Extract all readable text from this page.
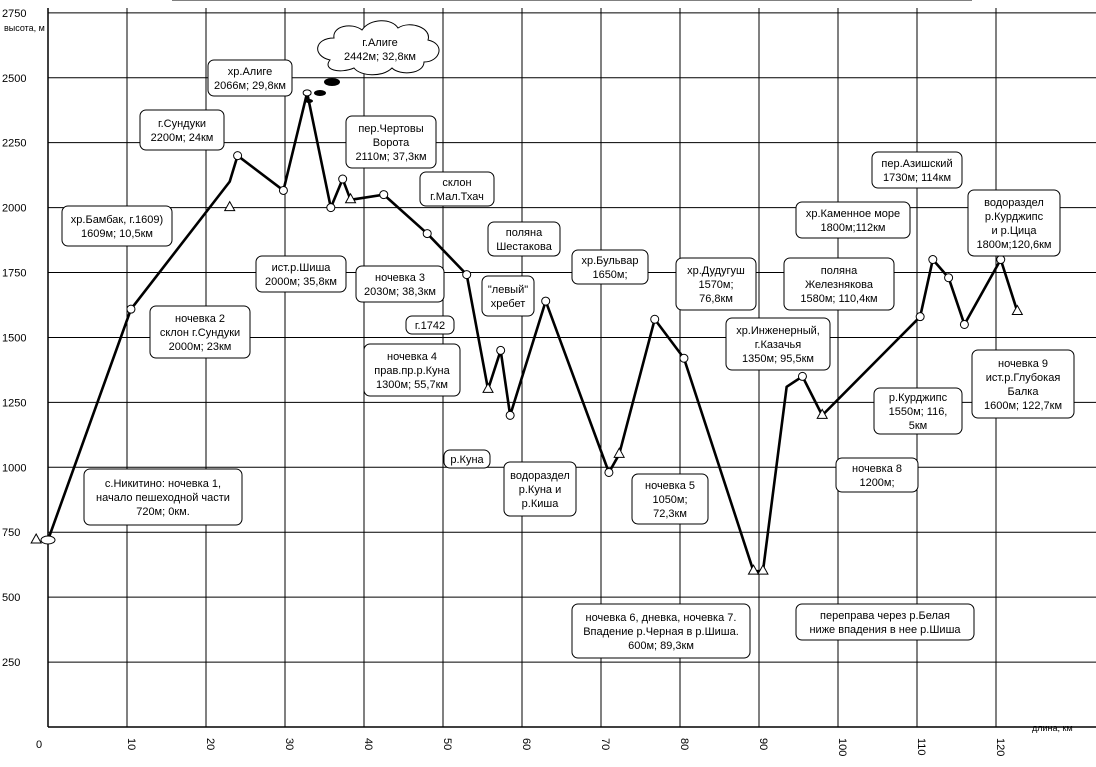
250
500
750
1000
1250
1500
1750
2000
2250
2500
2750
0	10	20	30	40	50	60	70	80	90	100	110	120
высота, м
длина, км
г.Алиге
2442м; 32,8км
с.Никитино: ночевка 1,
начало пешеходной части
720м; 0км.
хр.Бамбак, г.1609)
1609м; 10,5км
г.Сундуки
2200м; 24км
ночевка 2
склон г.Сундуки
2000м; 23км
хр.Алиге
2066м; 29,8км
ист.р.Шиша
2000м; 35,8км
пер.Чертовы
Ворота
2110м; 37,3км
ночевка 3
2030м; 38,3км
склон
г.Мал.Тхач
поляна
Шестакова
г.1742
"левый"
хребет
ночевка 4
прав.пр.р.Куна
1300м; 55,7км
р.Куна
хр.Бульвар
1650м;
водораздел
р.Куна и
р.Киша
ночевка 5
1050м;
72,3км
хр.Дудугуш
1570м;
76,8км
ночевка 6, дневка, ночевка 7.
Впадение р.Черная в р.Шиша.
600м; 89,3км
переправа через р.Белая
ниже впадения в нее р.Шиша
хр.Инженерный,
г.Казачья
1350м; 95,5км
ночевка 8
1200м;
поляна
Железнякова
1580м; 110,4км
хр.Каменное море
1800м;112км
пер.Азишский
1730м; 114км
р.Курджипс
1550м; 116,
5км
водораздел
р.Курджипс
и р.Цица
1800м;120,6км
ночевка 9
ист.р.Глубокая
Балка
1600м; 122,7км
